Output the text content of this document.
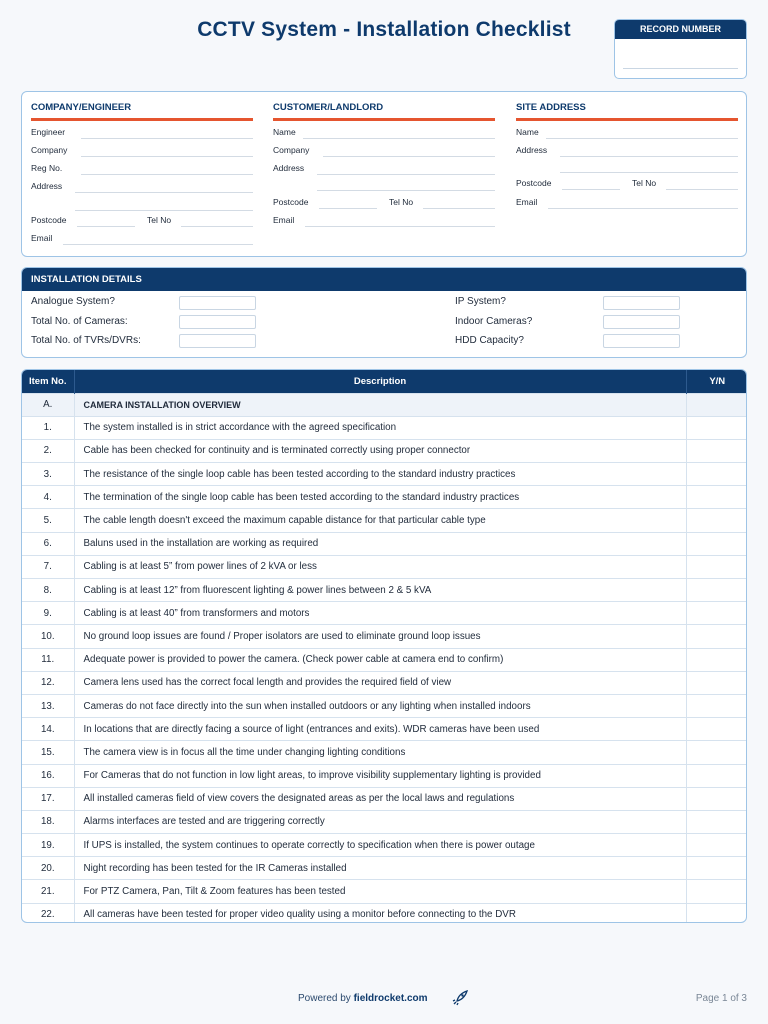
CCTV System - Installation Checklist	RECORD NUMBER
COMPANY/ENGINEER
Engineer
Company
Reg No.
Address
Postcode	Tel No
Email
CUSTOMER/LANDLORD
Name
Company
Address
Postcode	Tel No
Email
SITE ADDRESS
Name
Address
Postcode	Tel No
Email
INSTALLATION DETAILS
Analogue System?
Total No. of Cameras:
Total No. of TVRs/DVRs:
IP System?
Indoor Cameras?
HDD Capacity?
Item No.	Description	Y/N
A.	CAMERA INSTALLATION OVERVIEW	
1.	The system installed is in strict accordance with the agreed specification	
2.	Cable has been checked for continuity and is terminated correctly using proper connector	
3.	The resistance of the single loop cable has been tested according to the standard industry practices	
4.	The termination of the single loop cable has been tested according to the standard industry practices	
5.	The cable length doesn't exceed the maximum capable distance for that particular cable type	
6.	Baluns used in the installation are working as required	
7.	Cabling is at least 5” from power lines of 2 kVA or less	
8.	Cabling is at least 12” from fluorescent lighting & power lines between 2 & 5 kVA	
9.	Cabling is at least 40” from transformers and motors	
10.	No ground loop issues are found / Proper isolators are used to eliminate ground loop issues	
11.	Adequate power is provided to power the camera. (Check power cable at camera end to confirm)	
12.	Camera lens used has the correct focal length and provides the required field of view	
13.	Cameras do not face directly into the sun when installed outdoors or any lighting when installed indoors	
14.	In locations that are directly facing a source of light (entrances and exits). WDR cameras have been used	
15.	The camera view is in focus all the time under changing lighting conditions	
16.	For Cameras that do not function in low light areas, to improve visibility supplementary lighting is provided	
17.	All installed cameras field of view covers the designated areas as per the local laws and regulations	
18.	Alarms interfaces are tested and are triggering correctly	
19.	If UPS is installed, the system continues to operate correctly to specification when there is power outage	
20.	Night recording has been tested for the IR Cameras installed	
21.	For PTZ Camera, Pan, Tilt & Zoom features has been tested	
22.	All cameras have been tested for proper video quality using a monitor before connecting to the DVR	
Powered by fieldrocket.com	Page 1 of 3
